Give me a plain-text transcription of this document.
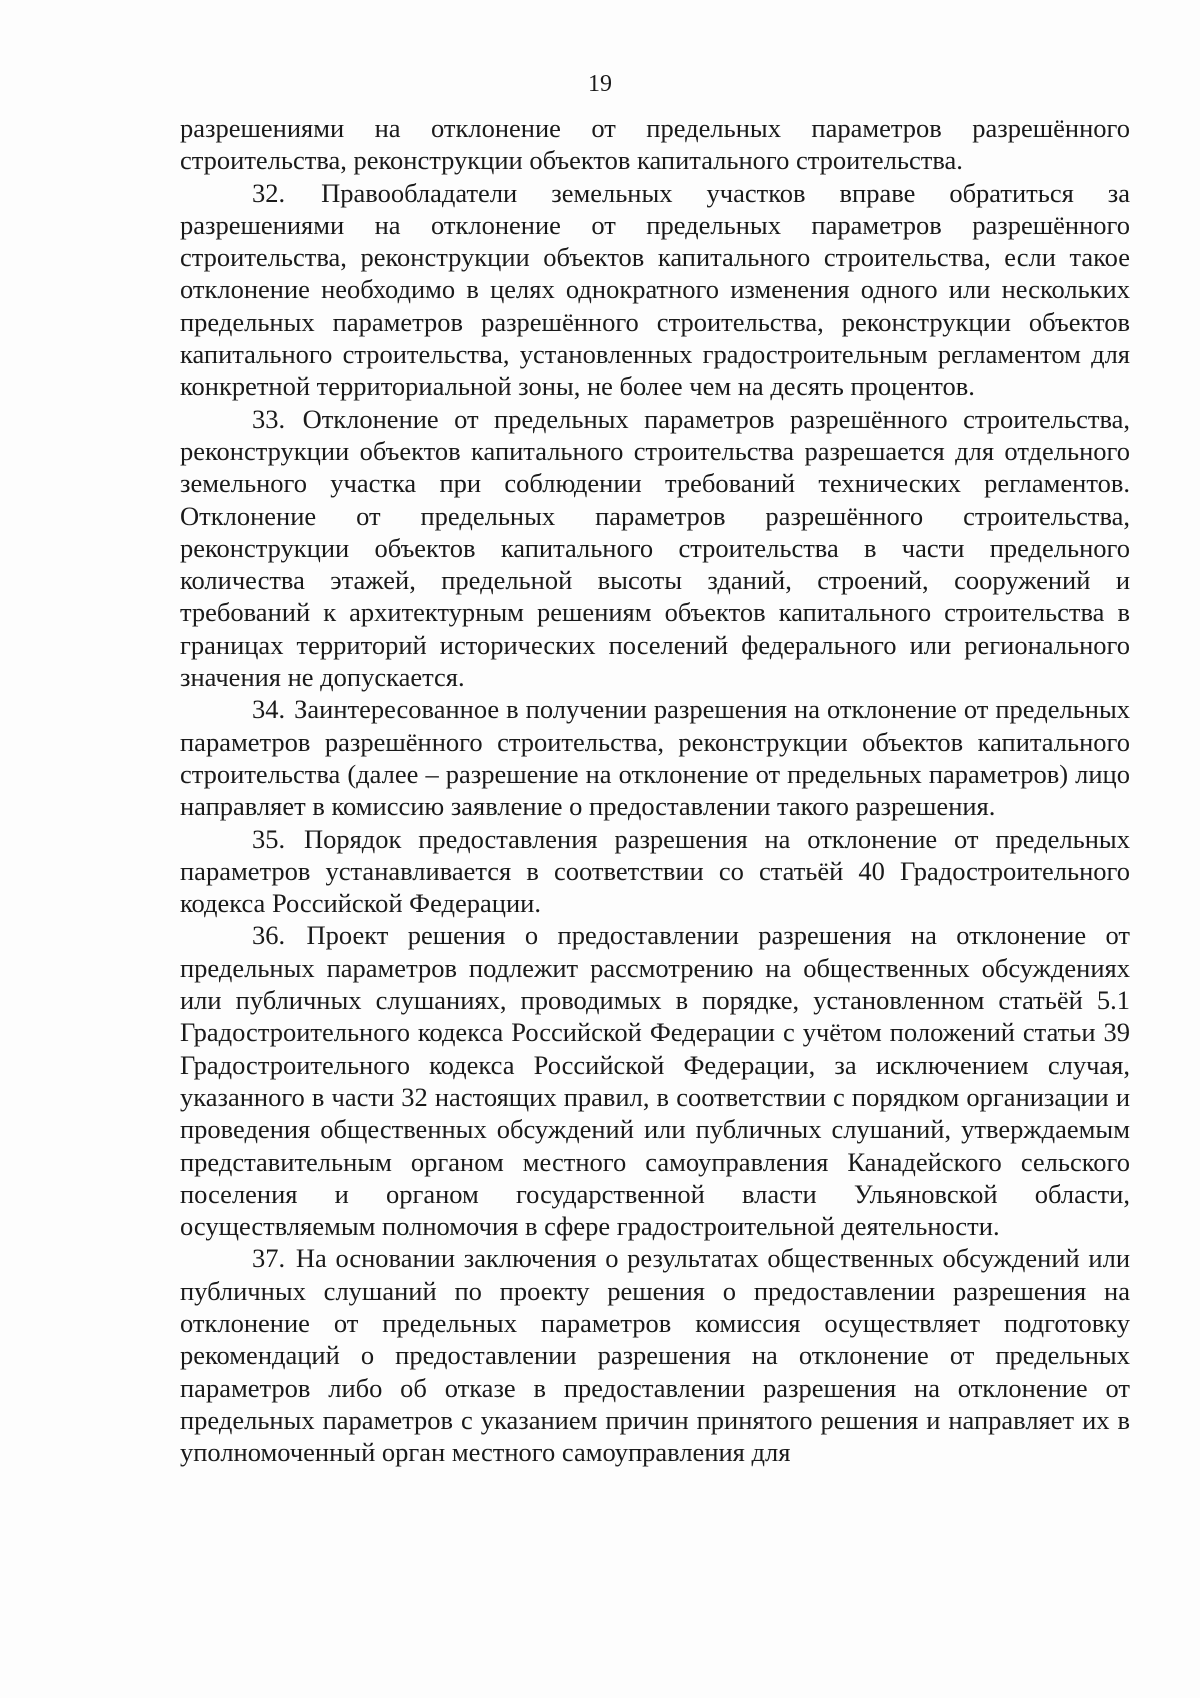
19

разрешениями на отклонение от предельных параметров разрешённого строительства, реконструкции объектов капитального строительства.

32. Правообладатели земельных участков вправе обратиться за разрешениями на отклонение от предельных параметров разрешённого строительства, реконструкции объектов капитального строительства, если такое отклонение необходимо в целях однократного изменения одного или нескольких предельных параметров разрешённого строительства, реконструкции объектов капитального строительства, установленных градостроительным регламентом для конкретной территориальной зоны, не более чем на десять процентов.

33. Отклонение от предельных параметров разрешённого строительства, реконструкции объектов капитального строительства разрешается для отдельного земельного участка при соблюдении требований технических регламентов. Отклонение от предельных параметров разрешённого строительства, реконструкции объектов капитального строительства в части предельного количества этажей, предельной высоты зданий, строений, сооружений и требований к архитектурным решениям объектов капитального строительства в границах территорий исторических поселений федерального или регионального значения не допускается.

34. Заинтересованное в получении разрешения на отклонение от предельных параметров разрешённого строительства, реконструкции объектов капитального строительства (далее – разрешение на отклонение от предельных параметров) лицо направляет в комиссию заявление о предоставлении такого разрешения.

35. Порядок предоставления разрешения на отклонение от предельных параметров устанавливается в соответствии со статьёй 40 Градостроительного кодекса Российской Федерации.

36. Проект решения о предоставлении разрешения на отклонение от предельных параметров подлежит рассмотрению на общественных обсуждениях или публичных слушаниях, проводимых в порядке, установленном статьёй 5.1 Градостроительного кодекса Российской Федерации с учётом положений статьи 39 Градостроительного кодекса Российской Федерации, за исключением случая, указанного в части 32 настоящих правил, в соответствии с порядком организации и проведения общественных обсуждений или публичных слушаний, утверждаемым представительным органом местного самоуправления Канадейского сельского поселения и органом государственной власти Ульяновской области, осуществляемым полномочия в сфере градостроительной деятельности.

37. На основании заключения о результатах общественных обсуждений или публичных слушаний по проекту решения о предоставлении разрешения на отклонение от предельных параметров комиссия осуществляет подготовку рекомендаций о предоставлении разрешения на отклонение от предельных параметров либо об отказе в предоставлении разрешения на отклонение от предельных параметров с указанием причин принятого решения и направляет их в уполномоченный орган местного самоуправления для
